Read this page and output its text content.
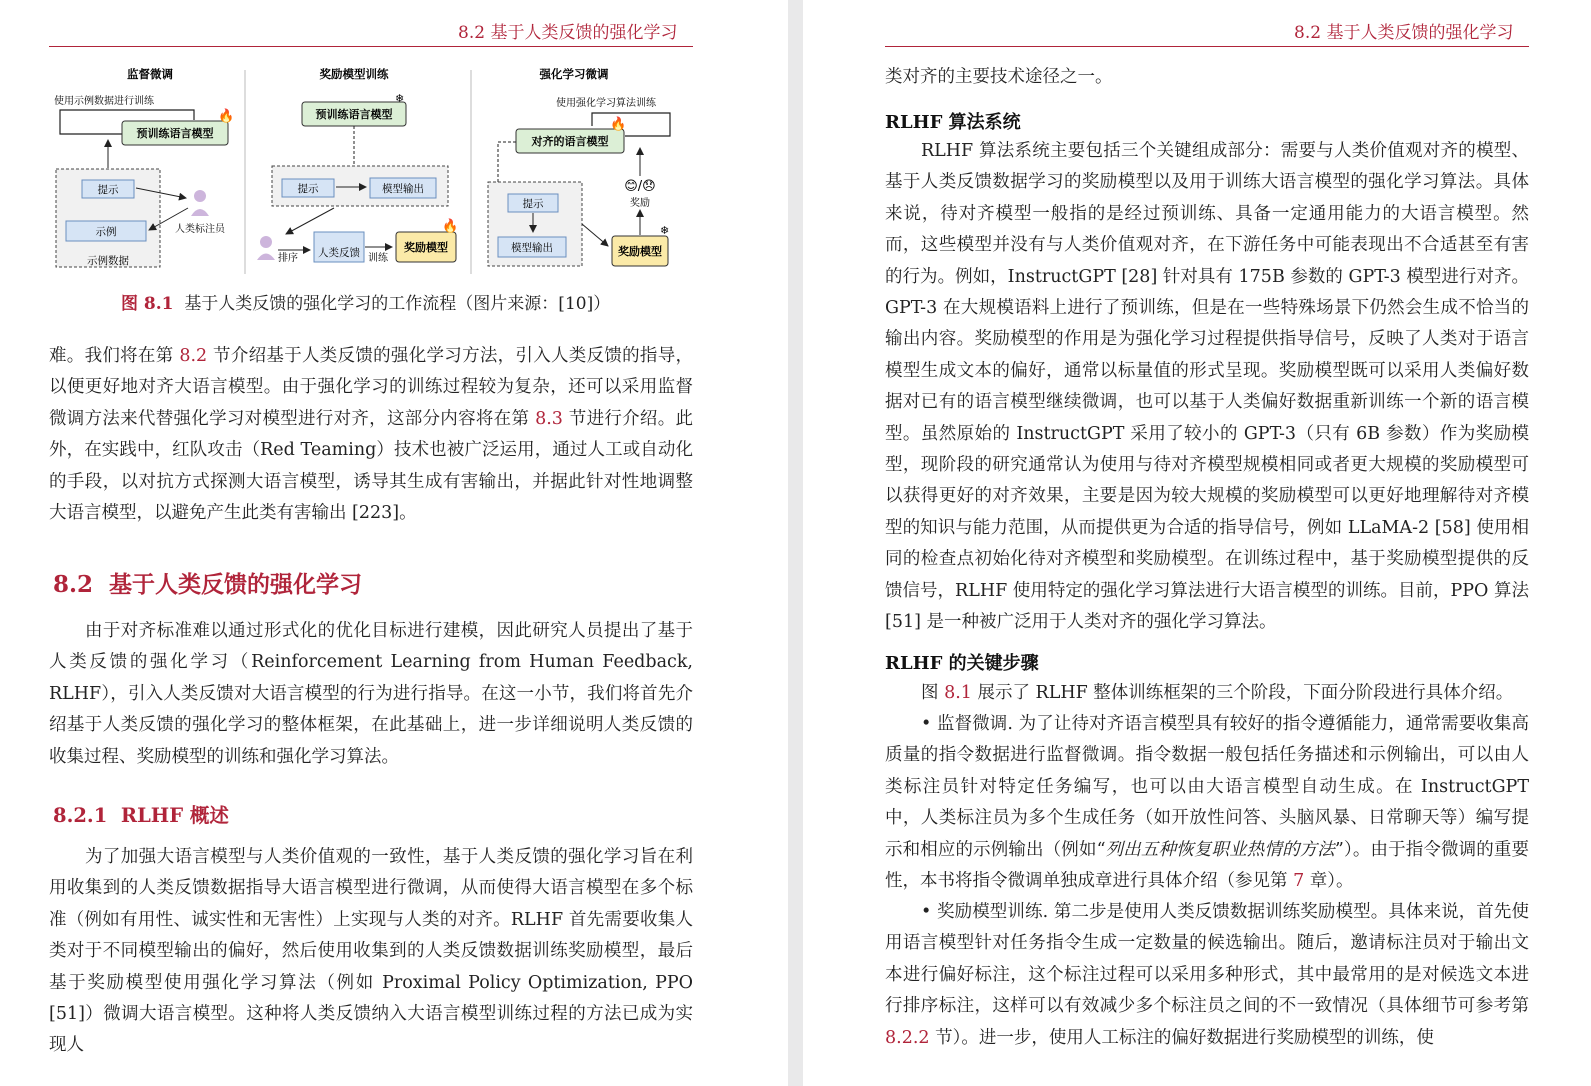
8.2 基于人类反馈的强化学习
监督微调
使用示例数据进行训练
预训练语言模型
🔥
提示
示例
示例数据
人类标注员
奖励模型训练
预训练语言模型
❄
提示	模型输出
排序 人类反馈 训练
奖励模型
🔥
强化学习微调
使用强化学习算法训练
对齐的语言模型
🔥
提示
模型输出	奖励模型
❄
奖励
😊/😞
图 8.1 基于人类反馈的强化学习的工作流程（图片来源：[10]）
难。我们将在第 8.2 节介绍基于人类反馈的强化学习方法，引入人类反馈的指导，以便更好地对齐大语言模型。由于强化学习的训练过程较为复杂，还可以采用监督微调方法来代替强化学习对模型进行对齐，这部分内容将在第 8.3 节进行介绍。此外，在实践中，红队攻击（Red Teaming）技术也被广泛运用，通过人工或自动化的手段，以对抗方式探测大语言模型，诱导其生成有害输出，并据此针对性地调整大语言模型，以避免产生此类有害输出 [223]。
8.2 基于人类反馈的强化学习
由于对齐标准难以通过形式化的优化目标进行建模，因此研究人员提出了基于人类反馈的强化学习（Reinforcement Learning from Human Feedback, RLHF），引入人类反馈对大语言模型的行为进行指导。在这一小节，我们将首先介绍基于人类反馈的强化学习的整体框架，在此基础上，进一步详细说明人类反馈的收集过程、奖励模型的训练和强化学习算法。
8.2.1 RLHF 概述
为了加强大语言模型与人类价值观的一致性，基于人类反馈的强化学习旨在利用收集到的人类反馈数据指导大语言模型进行微调，从而使得大语言模型在多个标准（例如有用性、诚实性和无害性）上实现与人类的对齐。RLHF 首先需要收集人类对于不同模型输出的偏好，然后使用收集到的人类反馈数据训练奖励模型，最后基于奖励模型使用强化学习算法（例如 Proximal Policy Optimization, PPO [51]）微调大语言模型。这种将人类反馈纳入大语言模型训练过程的方法已成为实现人
8.2 基于人类反馈的强化学习
类对齐的主要技术途径之一。
RLHF 算法系统
RLHF 算法系统主要包括三个关键组成部分：需要与人类价值观对齐的模型、基于人类反馈数据学习的奖励模型以及用于训练大语言模型的强化学习算法。具体来说，待对齐模型一般指的是经过预训练、具备一定通用能力的大语言模型。然而，这些模型并没有与人类价值观对齐，在下游任务中可能表现出不合适甚至有害的行为。例如，InstructGPT [28] 针对具有 175B 参数的 GPT-3 模型进行对齐。GPT-3 在大规模语料上进行了预训练，但是在一些特殊场景下仍然会生成不恰当的输出内容。奖励模型的作用是为强化学习过程提供指导信号，反映了人类对于语言模型生成文本的偏好，通常以标量值的形式呈现。奖励模型既可以采用人类偏好数据对已有的语言模型继续微调，也可以基于人类偏好数据重新训练一个新的语言模型。虽然原始的 InstructGPT 采用了较小的 GPT-3（只有 6B 参数）作为奖励模型，现阶段的研究通常认为使用与待对齐模型规模相同或者更大规模的奖励模型可以获得更好的对齐效果，主要是因为较大规模的奖励模型可以更好地理解待对齐模型的知识与能力范围，从而提供更为合适的指导信号，例如 LLaMA-2 [58] 使用相同的检查点初始化待对齐模型和奖励模型。在训练过程中，基于奖励模型提供的反馈信号，RLHF 使用特定的强化学习算法进行大语言模型的训练。目前，PPO 算法 [51] 是一种被广泛用于人类对齐的强化学习算法。
RLHF 的关键步骤
图 8.1 展示了 RLHF 整体训练框架的三个阶段，下面分阶段进行具体介绍。
• 监督微调. 为了让待对齐语言模型具有较好的指令遵循能力，通常需要收集高质量的指令数据进行监督微调。指令数据一般包括任务描述和示例输出，可以由人类标注员针对特定任务编写，也可以由大语言模型自动生成。在 InstructGPT 中，人类标注员为多个生成任务（如开放性问答、头脑风暴、日常聊天等）编写提示和相应的示例输出（例如“列出五种恢复职业热情的方法”）。由于指令微调的重要性，本书将指令微调单独成章进行具体介绍（参见第 7 章）。
• 奖励模型训练. 第二步是使用人类反馈数据训练奖励模型。具体来说，首先使用语言模型针对任务指令生成一定数量的候选输出。随后，邀请标注员对于输出文本进行偏好标注，这个标注过程可以采用多种形式，其中最常用的是对候选文本进行排序标注，这样可以有效减少多个标注员之间的不一致情况（具体细节可参考第 8.2.2 节）。进一步，使用人工标注的偏好数据进行奖励模型的训练，使
